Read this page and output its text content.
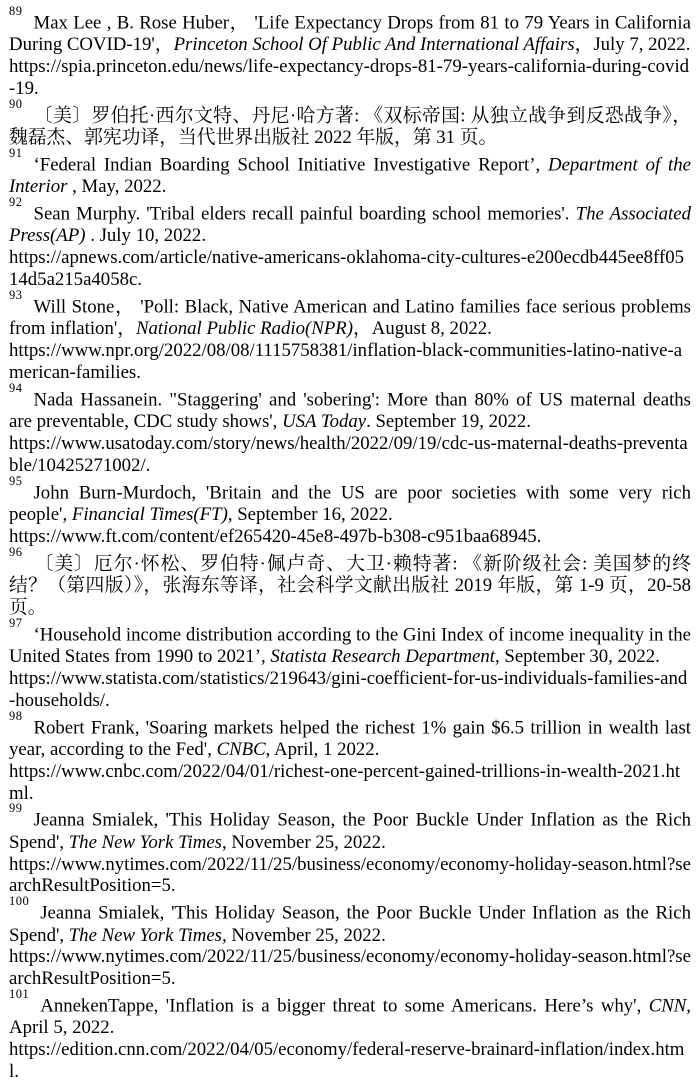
$^{89}$Max Lee , B. Rose Huber， 'Life Expectancy Drops from 81 to 79 Years in California During COVID-19'，Princeton School Of Public And International Affairs，July 7, 2022.
https://spia.princeton.edu/news/life-expectancy-drops-81-79-years-california-during-covid-19.
$^{90}$〔美〕罗伯托·西尔文特、丹尼·哈方著: 《双标帝国: 从独立战争到反恐战争》，魏磊杰、郭宪功译，当代世界出版社 2022 年版，第 31 页。
$^{91}$‘Federal Indian Boarding School Initiative Investigative Report’, Department of the Interior , May, 2022.
$^{92}$Sean Murphy. 'Tribal elders recall painful boarding school memories'. The Associated Press(AP) . July 10, 2022.
https://apnews.com/article/native-americans-oklahoma-city-cultures-e200ecdb445ee8ff0514d5a215a4058c.
$^{93}$Will Stone， 'Poll: Black, Native American and Latino families face serious problems from inflation'，National Public Radio(NPR)，August 8, 2022.
https://www.npr.org/2022/08/08/1115758381/inflation-black-communities-latino-native-american-families.
$^{94}$Nada Hassanein. "Staggering' and 'sobering': More than 80% of US maternal deaths are preventable, CDC study shows', USA Today. September 19, 2022.
https://www.usatoday.com/story/news/health/2022/09/19/cdc-us-maternal-deaths-preventable/10425271002/.
$^{95}$John Burn-Murdoch, 'Britain and the US are poor societies with some very rich people', Financial Times(FT), September 16, 2022.
https://www.ft.com/content/ef265420-45e8-497b-b308-c951baa68945.
$^{96}$〔美〕厄尔·怀松、罗伯特·佩卢奇、大卫·赖特著: 《新阶级社会: 美国梦的终结？（第四版）》，张海东等译，社会科学文献出版社 2019 年版，第 1-9 页，20-58 页。
$^{97}$‘Household income distribution according to the Gini Index of income inequality in the United States from 1990 to 2021’, Statista Research Department, September 30, 2022.
https://www.statista.com/statistics/219643/gini-coefficient-for-us-individuals-families-and-households/.
$^{98}$Robert Frank, 'Soaring markets helped the richest 1% gain $6.5 trillion in wealth last year, according to the Fed', CNBC, April, 1 2022.
https://www.cnbc.com/2022/04/01/richest-one-percent-gained-trillions-in-wealth-2021.html.
$^{99}$Jeanna Smialek, 'This Holiday Season, the Poor Buckle Under Inflation as the Rich Spend', The New York Times, November 25, 2022.
https://www.nytimes.com/2022/11/25/business/economy/economy-holiday-season.html?searchResultPosition=5.
$^{100}$Jeanna Smialek, 'This Holiday Season, the Poor Buckle Under Inflation as the Rich Spend', The New York Times, November 25, 2022.
https://www.nytimes.com/2022/11/25/business/economy/economy-holiday-season.html?searchResultPosition=5.
$^{101}$AnnekenTappe, 'Inflation is a bigger threat to some Americans. Here’s why', CNN, April 5, 2022.
https://edition.cnn.com/2022/04/05/economy/federal-reserve-brainard-inflation/index.html.
